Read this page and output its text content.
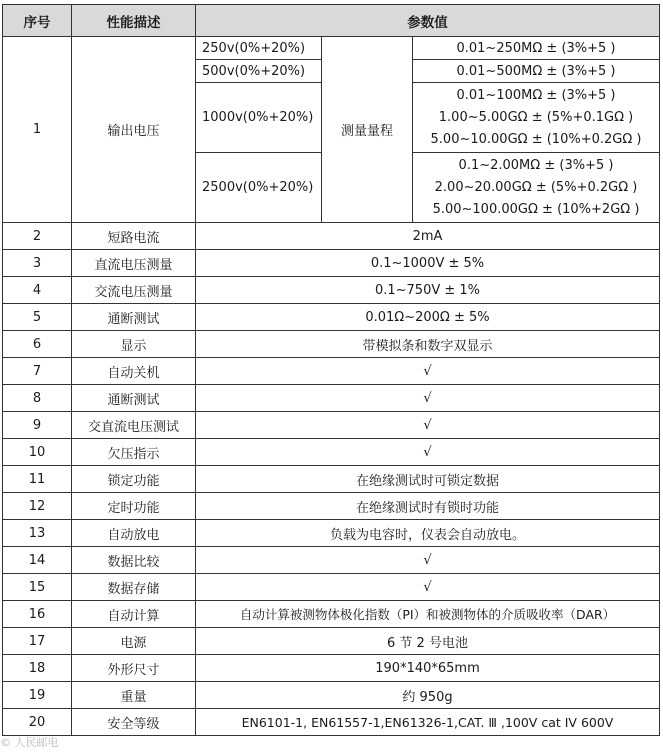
序号	性能描述	参数值		
1	输出电压	250v(0%+20%)	测量量程	0.01~250MΩ ± (3%+5 )
		500v(0%+20%)		0.01~500MΩ ± (3%+5 )
		1000v(0%+20%)		0.01~100MΩ ± (3%+5 )
1.00~5.00GΩ ± (5%+0.1GΩ )
5.00~10.00GΩ ± (10%+0.2GΩ )

		2500v(0%+20%)		0.1~2.00MΩ ± (3%+5 )
2.00~20.00GΩ ± (5%+0.2GΩ )
5.00~100.00GΩ ± (10%+2GΩ )

2	短路电流	2mA		
3	直流电压测量	0.1~1000V ± 5%		
4	交流电压测量	0.1~750V ± 1%		
5	通断测试	0.01Ω~200Ω ± 5%		
6	显示	带模拟条和数字双显示		
7	自动关机	√		
8	通断测试	√		
9	交直流电压测试	√		
10	欠压指示	√		
11	锁定功能	在绝缘测试时可锁定数据		
12	定时功能	在绝缘测试时有锁时功能		
13	自动放电	负载为电容时，仪表会自动放电。		
14	数据比较	√		
15	数据存储	√		
16	自动计算	自动计算被测物体极化指数（PI）和被测物体的介质吸收率（DAR）		
17	电源	6 节 2 号电池		
18	外形尺寸	190*140*65mm		
19	重量	约 950g		
20	安全等级	EN6101-1, EN61557-1,EN61326-1,CAT. Ⅲ ,100V cat IV 600V		
© 人民邮电
